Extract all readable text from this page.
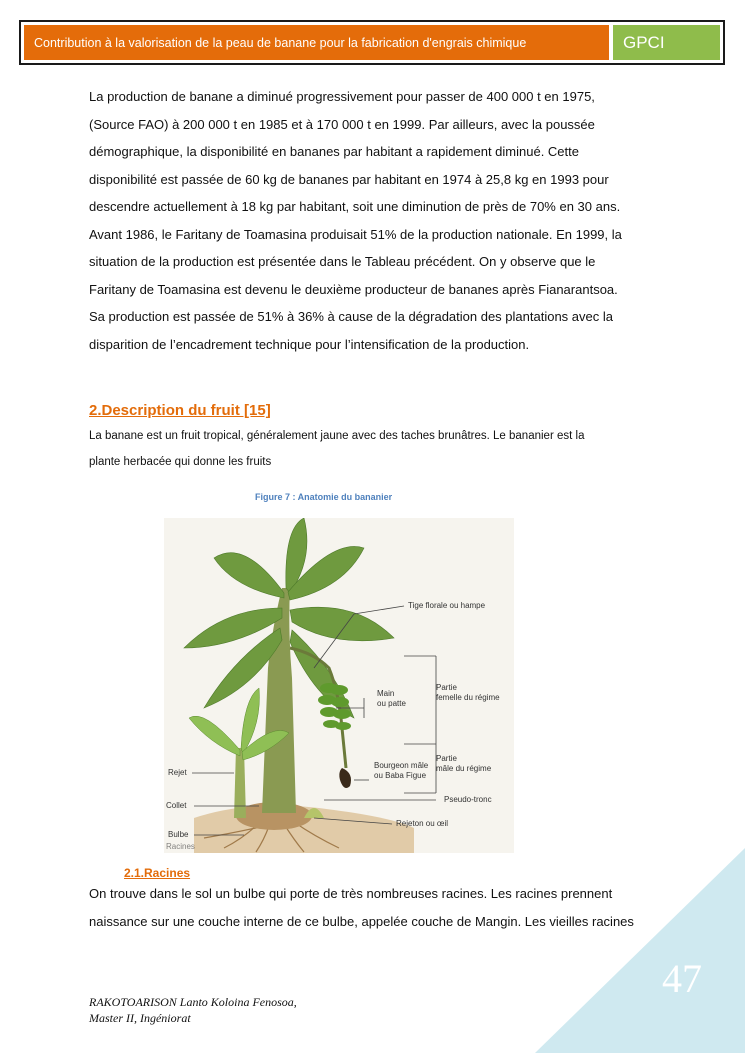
Contribution à la valorisation de la peau de banane pour la fabrication d'engrais chimique	GPCI

La production de banane a diminué progressivement pour passer de 400 000 t en 1975,

(Source FAO) à 200 000 t en 1985 et à 170 000 t en 1999. Par ailleurs, avec la poussée

démographique, la disponibilité en bananes par habitant a rapidement diminué. Cette

disponibilité est passée de 60 kg de bananes par habitant en 1974 à 25,8 kg en 1993 pour

descendre actuellement à 18 kg par habitant, soit une diminution de près de 70% en 30 ans.

Avant 1986, le Faritany de Toamasina produisait 51% de la production nationale. En 1999, la

situation de la production est présentée dans le Tableau précédent. On y observe que le

Faritany de Toamasina est devenu le deuxième producteur de bananes après Fianarantsoa.

Sa production est passée de 51% à 36% à cause de la dégradation des plantations avec la

disparition de l’encadrement technique pour l’intensification de la production.

2.Description du fruit [15]

La banane est un fruit tropical, généralement jaune avec des taches brunâtres. Le bananier est la

plante herbacée qui donne les fruits

Figure 7 : Anatomie du bananier
Tige florale ou hampe
Main
ou patte
Partie
femelle du régime
Bourgeon mâle
ou Baba Figue
Partie
mâle du régime
Pseudo-tronc
Rejeton ou œil
Rejet
Collet
Bulbe
Racines
2.1.Racines

On trouve dans le sol un bulbe qui porte de très nombreuses racines. Les racines prennent

naissance sur une couche interne de ce bulbe, appelée couche de Mangin. Les vieilles racines

47
RAKOTOARISON Lanto Koloina Fenosoa,
Master II, Ingéniorat
